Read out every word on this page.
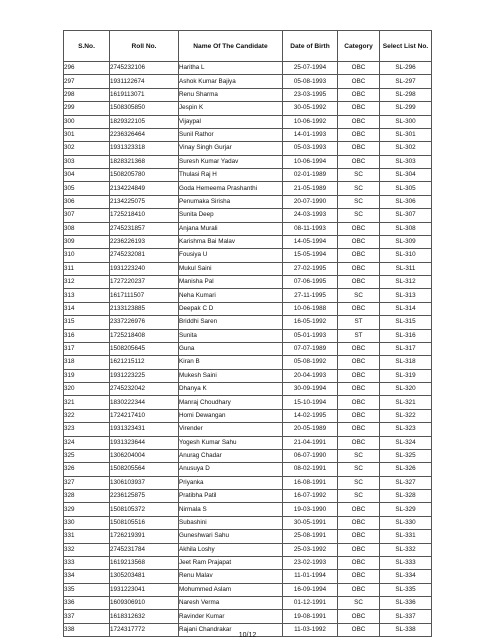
S.No.	Roll No.	Name Of The Candidate	Date of Birth	Category	Select List No.
296	2745232106	Haritha L	25-07-1994	OBC	SL-296
297	1931122674	Ashok Kumar Bajiya	05-08-1993	OBC	SL-297
298	1619113071	Renu Sharma	23-03-1995	OBC	SL-298
299	1508305850	Jespin K	30-05-1992	OBC	SL-299
300	1829322105	Vijaypal	10-06-1992	OBC	SL-300
301	2236326464	Sunil Rathor	14-01-1993	OBC	SL-301
302	1931323318	Vinay Singh Gurjar	05-03-1993	OBC	SL-302
303	1828321368	Suresh Kumar Yadav	10-06-1994	OBC	SL-303
304	1508205780	Thulasi Raj H	02-01-1989	SC	SL-304
305	2134224849	Goda Hemeema Prashanthi	21-05-1989	SC	SL-305
306	2134225075	Penumaka Sirisha	20-07-1990	SC	SL-306
307	1725218410	Sunita Deep	24-03-1993	SC	SL-307
308	2745231857	Anjana Murali	08-11-1993	OBC	SL-308
309	2236226193	Karishma Bai Malav	14-05-1994	OBC	SL-309
310	2745232081	Fousiya U	15-05-1994	OBC	SL-310
311	1931223240	Mukul Saini	27-02-1995	OBC	SL-311
312	1727220237	Manisha Pal	07-06-1995	OBC	SL-312
313	1617111507	Neha Kumari	27-11-1995	SC	SL-313
314	2133123885	Deepak C D	10-06-1988	OBC	SL-314
315	2337226976	Briddhi Saren	16-05-1992	ST	SL-315
316	1725218408	Sunita	05-01-1993	ST	SL-316
317	1508205645	Guna	07-07-1989	OBC	SL-317
318	1621215112	Kiran B	05-08-1992	OBC	SL-318
319	1931223225	Mukesh Saini	20-04-1993	OBC	SL-319
320	2745232042	Dhanya K	30-09-1994	OBC	SL-320
321	1830222344	Manraj Choudhary	15-10-1994	OBC	SL-321
322	1724217410	Homi Dewangan	14-02-1995	OBC	SL-322
323	1931323431	Virender	20-05-1989	OBC	SL-323
324	1931323644	Yogesh Kumar Sahu	21-04-1991	OBC	SL-324
325	1306204004	Anurag Chadar	06-07-1990	SC	SL-325
326	1508205564	Anusuya D	08-02-1991	SC	SL-326
327	1306103937	Priyanka	16-08-1991	SC	SL-327
328	2236125875	Pratibha Patil	16-07-1992	SC	SL-328
329	1508105372	Nirmala S	19-03-1990	OBC	SL-329
330	1508105516	Subashini	30-05-1991	OBC	SL-330
331	1726219391	Guneshwari Sahu	25-08-1991	OBC	SL-331
332	2745231784	Akhila Loshy	25-03-1992	OBC	SL-332
333	1619213568	Jeet Ram Prajapat	23-02-1993	OBC	SL-333
334	1305203481	Renu Malav	11-01-1994	OBC	SL-334
335	1931223041	Mohummed Aslam	16-09-1994	OBC	SL-335
336	1609306910	Naresh Verma	01-12-1991	SC	SL-336
337	1618312632	Ravinder Kumar	19-08-1991	OBC	SL-337
338	1724317772	Rajani Chandrakar	11-03-1992	OBC	SL-338
10/12
